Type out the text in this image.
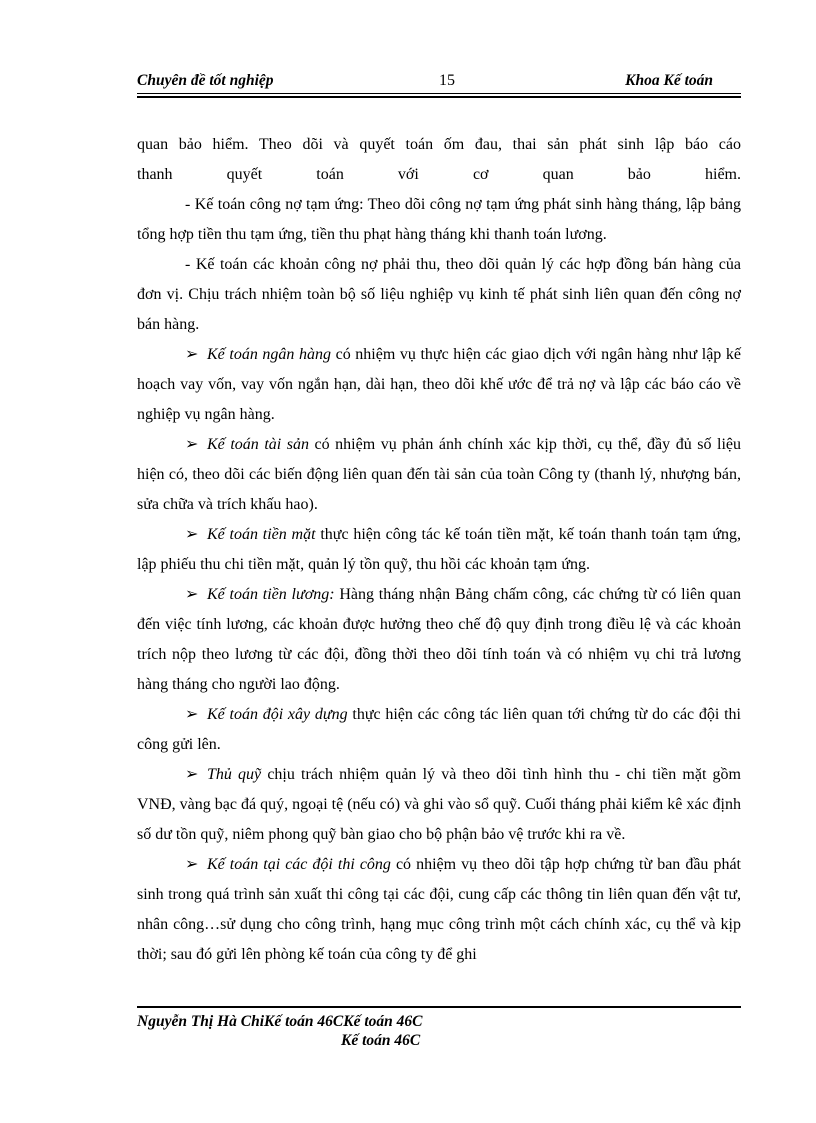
Chuyên đề tốt nghiệp	15	Khoa Kế toán

quan bảo hiểm. Theo dõi và quyết toán ốm đau, thai sản phát sinh lập báo cáo

thanh quyết toán với cơ quan bảo hiểm.

- Kế toán công nợ tạm ứng: Theo dõi công nợ tạm ứng phát sinh hàng tháng, lập bảng tổng hợp tiền thu tạm ứng, tiền thu phạt hàng tháng khi thanh toán lương.

- Kế toán các khoản công nợ phải thu, theo dõi quản lý các hợp đồng bán hàng của đơn vị. Chịu trách nhiệm toàn bộ số liệu nghiệp vụ kinh tế phát sinh liên quan đến công nợ bán hàng.

➢ Kế toán ngân hàng có nhiệm vụ thực hiện các giao dịch với ngân hàng như lập kế hoạch vay vốn, vay vốn ngắn hạn, dài hạn, theo dõi khế ước để trả nợ và lập các báo cáo về nghiệp vụ ngân hàng.

➢ Kế toán tài sản có nhiệm vụ phản ánh chính xác kịp thời, cụ thể, đầy đủ số liệu hiện có, theo dõi các biến động liên quan đến tài sản của toàn Công ty (thanh lý, nhượng bán, sửa chữa và trích khấu hao).

➢ Kế toán tiền mặt thực hiện công tác kế toán tiền mặt, kế toán thanh toán tạm ứng, lập phiếu thu chi tiền mặt, quản lý tồn quỹ, thu hồi các khoản tạm ứng.

➢ Kế toán tiền lương: Hàng tháng nhận Bảng chấm công, các chứng từ có liên quan đến việc tính lương, các khoản được hưởng theo chế độ quy định trong điều lệ và các khoản trích nộp theo lương từ các đội, đồng thời theo dõi tính toán và có nhiệm vụ chi trả lương hàng tháng cho người lao động.

➢ Kế toán đội xây dựng thực hiện các công tác liên quan tới chứng từ do các đội thi công gửi lên.

➢ Thủ quỹ chịu trách nhiệm quản lý và theo dõi tình hình thu - chi tiền mặt gồm VNĐ, vàng bạc đá quý, ngoại tệ (nếu có) và ghi vào sổ quỹ. Cuối tháng phải kiểm kê xác định số dư tồn quỹ, niêm phong quỹ bàn giao cho bộ phận bảo vệ trước khi ra về.

➢ Kế toán tại các đội thi công có nhiệm vụ theo dõi tập hợp chứng từ ban đầu phát sinh trong quá trình sản xuất thi công tại các đội, cung cấp các thông tin liên quan đến vật tư, nhân công…sử dụng cho công trình, hạng mục công trình một cách chính xác, cụ thể và kịp thời; sau đó gửi lên phòng kế toán của công ty để ghi

Nguyễn Thị Hà ChiKế toán 46CKế toán 46C
Kế toán 46C
